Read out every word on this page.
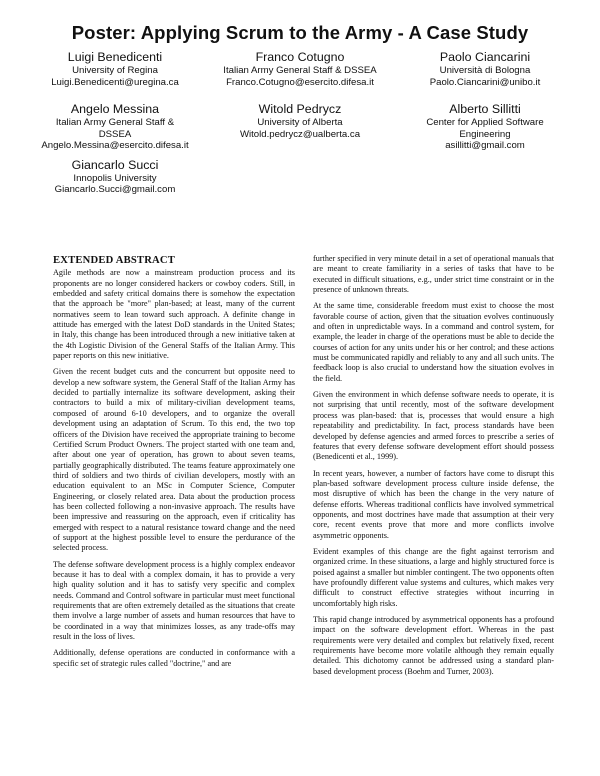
Poster: Applying Scrum to the Army - A Case Study
Luigi Benedicenti
University of Regina
Luigi.Benedicenti@uregina.ca
Franco Cotugno
Italian Army General Staff & DSSEA
Franco.Cotugno@esercito.difesa.it
Paolo Ciancarini
Università di Bologna
Paolo.Ciancarini@unibo.it
Angelo Messina
Italian Army General Staff & DSSEA
Angelo.Messina@esercito.difesa.it
Witold Pedrycz
University of Alberta
Witold.pedrycz@ualberta.ca
Alberto Sillitti
Center for Applied Software
Engineering
asillitti@gmail.com
Giancarlo Succi
Innopolis University
Giancarlo.Succi@gmail.com
EXTENDED ABSTRACT

Agile methods are now a mainstream production process and its proponents are no longer considered hackers or cowboy coders. Still, in embedded and safety critical domains there is somehow the expectation that the approach be "more" plan-based; at least, many of the current normatives seem to lean toward such approach. A definite change in attitude has emerged with the latest DoD standards in the United States; in Italy, this change has been introduced through a new initiative taken at the 4th Logistic Division of the General Staffs of the Italian Army. This paper reports on this new initiative.

Given the recent budget cuts and the concurrent but opposite need to develop a new software system, the General Staff of the Italian Army has decided to partially internalize its software development, asking their contractors to build a mix of military-civilian development teams, composed of around 6-10 developers, and to organize the overall development using an adaptation of Scrum. To this end, the two top officers of the Division have received the appropriate training to become Certified Scrum Product Owners. The project started with one team and, after about one year of operation, has grown to about seven teams, partially geographically distributed. The teams feature approximately one third of soldiers and two thirds of civilian developers, mostly with an education equivalent to an MSc in Computer Science, Computer Engineering, or closely related area. Data about the production process has been collected following a non-invasive approach. The results have been impressive and reassuring on the approach, even if criticality has emerged with respect to a natural resistance toward change and the need of support at the highest possible level to ensure the perdurance of the selected process.

The defense software development process is a highly complex endeavor because it has to deal with a complex domain, it has to provide a very high quality solution and it has to satisfy very specific and complex needs. Command and Control software in particular must meet functional requirements that are often extremely detailed as the situations that create them involve a large number of assets and human resources that have to be coordinated in a way that minimizes losses, as any trade-offs may result in the loss of lives.

Additionally, defense operations are conducted in conformance with a specific set of strategic rules called "doctrine," and are

further specified in very minute detail in a set of operational manuals that are meant to create familiarity in a series of tasks that have to be executed in difficult situations, e.g., under strict time constraint or in the presence of unknown threats.

At the same time, considerable freedom must exist to choose the most favorable course of action, given that the situation evolves continuously and often in unpredictable ways. In a command and control system, for example, the leader in charge of the operations must be able to decide the courses of action for any units under his or her control; and these actions must be communicated rapidly and reliably to any and all such units. The feedback loop is also crucial to understand how the situation evolves in the field.

Given the environment in which defense software needs to operate, it is not surprising that until recently, most of the software development process was plan-based: that is, processes that would ensure a high repeatability and predictability. In fact, process standards have been developed by defense agencies and armed forces to prescribe a series of features that every defense software development effort should possess (Benedicenti et al., 1999).

In recent years, however, a number of factors have come to disrupt this plan-based software development process culture inside defense, the most disruptive of which has been the change in the very nature of defense efforts. Whereas traditional conflicts have involved symmetrical opponents, and most doctrines have made that assumption at their very core, recent events prove that more and more conflicts involve asymmetric opponents.

Evident examples of this change are the fight against terrorism and organized crime. In these situations, a large and highly structured force is poised against a smaller but nimbler contingent. The two opponents often have profoundly different value systems and cultures, which makes very difficult to construct effective strategies without incurring in uncomfortably high risks.

This rapid change introduced by asymmetrical opponents has a profound impact on the software development effort. Whereas in the past requirements were very detailed and complex but relatively fixed, recent requirements have become more volatile although they remain equally detailed. This dichotomy cannot be addressed using a standard plan-based development process (Boehm and Turner, 2003).
